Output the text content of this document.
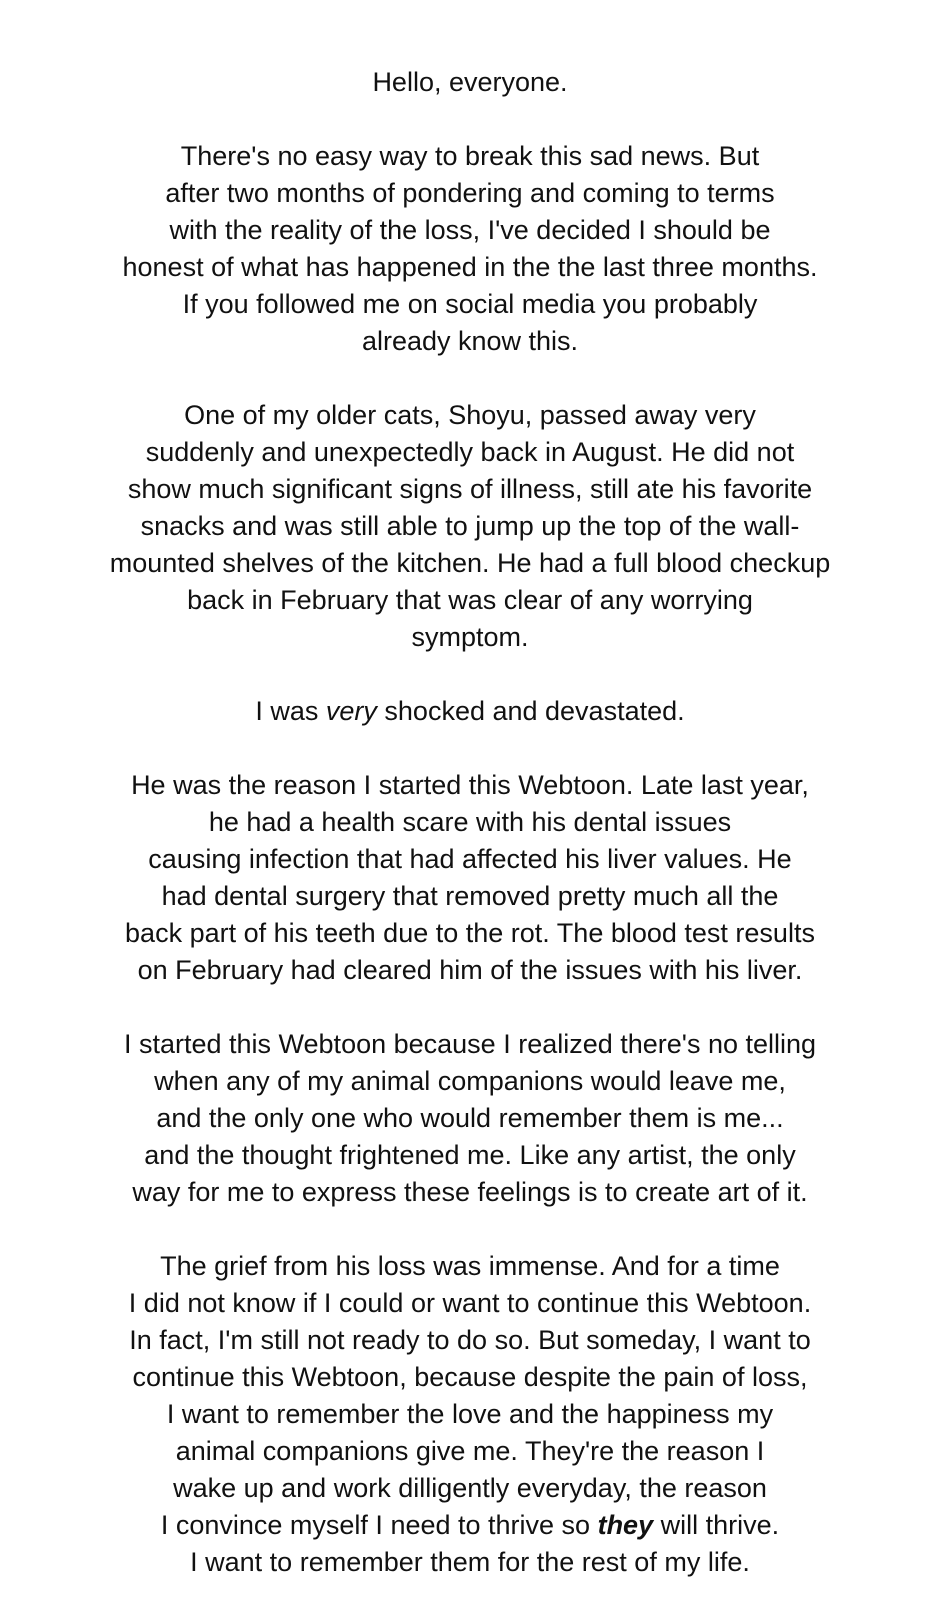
Hello, everyone.

There's no easy way to break this sad news. But
after two months of pondering and coming to terms
with the reality of the loss, I've decided I should be
honest of what has happened in the the last three months.
If you followed me on social media you probably
already know this.

One of my older cats, Shoyu, passed away very
suddenly and unexpectedly back in August. He did not
show much significant signs of illness, still ate his favorite
snacks and was still able to jump up the top of the wall-
mounted shelves of the kitchen. He had a full blood checkup
back in February that was clear of any worrying
symptom.

I was very shocked and devastated.

He was the reason I started this Webtoon. Late last year,
he had a health scare with his dental issues
causing infection that had affected his liver values. He
had dental surgery that removed pretty much all the
back part of his teeth due to the rot. The blood test results
on February had cleared him of the issues with his liver.

I started this Webtoon because I realized there's no telling
when any of my animal companions would leave me,
and the only one who would remember them is me...
and the thought frightened me. Like any artist, the only
way for me to express these feelings is to create art of it.

The grief from his loss was immense. And for a time
I did not know if I could or want to continue this Webtoon.
In fact, I'm still not ready to do so. But someday, I want to
continue this Webtoon, because despite the pain of loss,
I want to remember the love and the happiness my
animal companions give me. They're the reason I
wake up and work dilligently everyday, the reason
I convince myself I need to thrive so they will thrive.
I want to remember them for the rest of my life.
